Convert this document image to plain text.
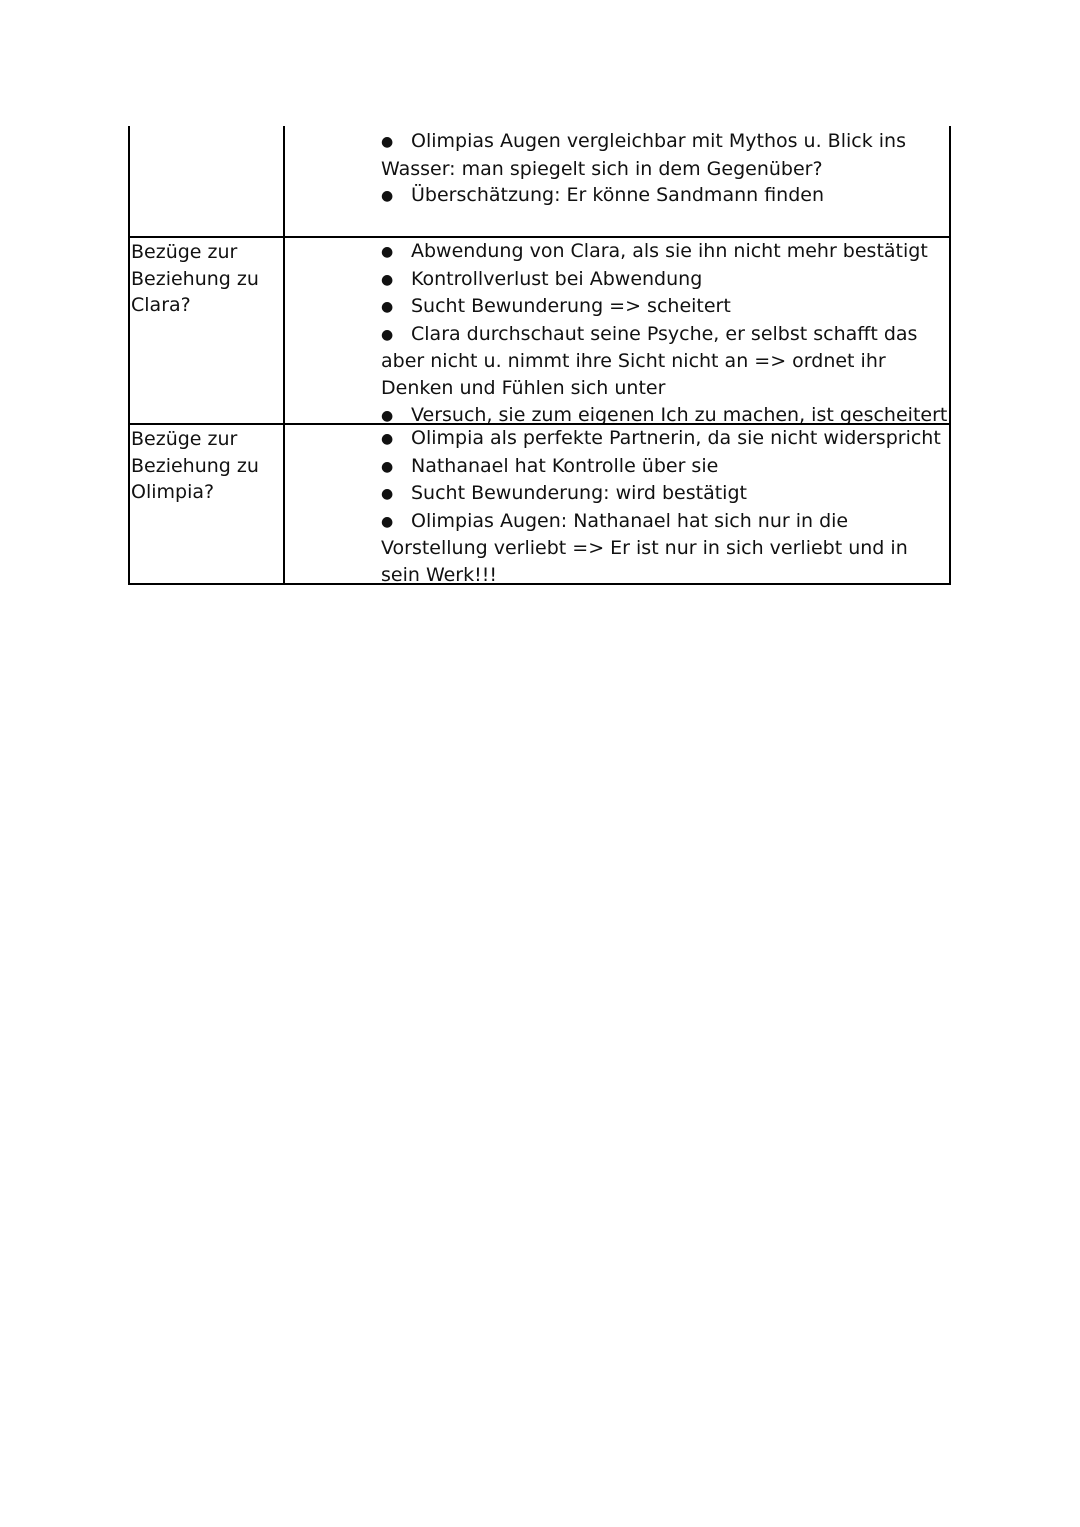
● Olimpias Augen vergleichbar mit Mythos u. Blick ins Wasser: man spiegelt sich in dem Gegenüber?
● Überschätzung: Er könne Sandmann finden
Bezüge zur
Beziehung zu
Clara?
● Abwendung von Clara, als sie ihn nicht mehr bestätigt
● Kontrollverlust bei Abwendung
● Sucht Bewunderung => scheitert
● Clara durchschaut seine Psyche, er selbst schafft das aber nicht u. nimmt ihre Sicht nicht an => ordnet ihr Denken und Fühlen sich unter
● Versuch, sie zum eigenen Ich zu machen, ist gescheitert
Bezüge zur
Beziehung zu
Olimpia?
● Olimpia als perfekte Partnerin, da sie nicht widerspricht
● Nathanael hat Kontrolle über sie
● Sucht Bewunderung: wird bestätigt
● Olimpias Augen: Nathanael hat sich nur in die Vorstellung verliebt => Er ist nur in sich verliebt und in sein Werk!!!
